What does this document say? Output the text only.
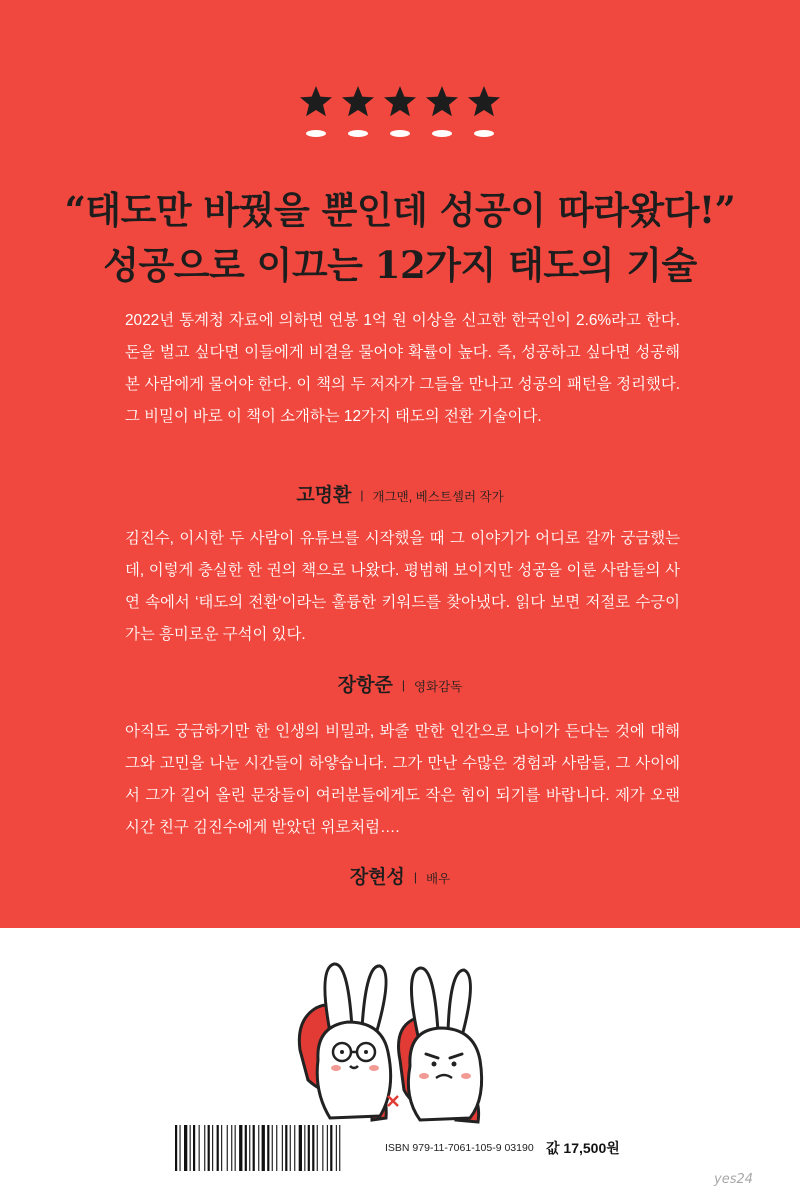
“태도만 바꿨을 뿐인데 성공이 따라왔다!”
성공으로 이끄는 12가지 태도의 기술

2022년 통계청 자료에 의하면 연봉 1억 원 이상을 신고한 한국인이 2.6%라고 한다. 돈을 벌고 싶다면 이들에게 비결을 물어야 확률이 높다. 즉, 성공하고 싶다면 성공해본 사람에게 물어야 한다. 이 책의 두 저자가 그들을 만나고 성공의 패턴을 정리했다. 그 비밀이 바로 이 책이 소개하는 12가지 태도의 전환 기술이다.

고명환 | 개그맨, 베스트셀러 작가

김진수, 이시한 두 사람이 유튜브를 시작했을 때 그 이야기가 어디로 갈까 궁금했는데, 이렇게 충실한 한 권의 책으로 나왔다. 평범해 보이지만 성공을 이룬 사람들의 사연 속에서 ‘태도의 전환’이라는 훌륭한 키워드를 찾아냈다. 읽다 보면 저절로 수긍이 가는 흥미로운 구석이 있다.

장항준 | 영화감독

아직도 궁금하기만 한 인생의 비밀과, 봐줄 만한 인간으로 나이가 든다는 것에 대해 그와 고민을 나눈 시간들이 하얗습니다. 그가 만난 수많은 경험과 사람들, 그 사이에서 그가 길어 올린 문장들이 여러분들에게도 작은 힘이 되기를 바랍니다. 제가 오랜 시간 친구 김진수에게 받았던 위로처럼….

장현성 | 배우
ISBN 979-11-7061-105-9 03190 값 17,500원
yes24
